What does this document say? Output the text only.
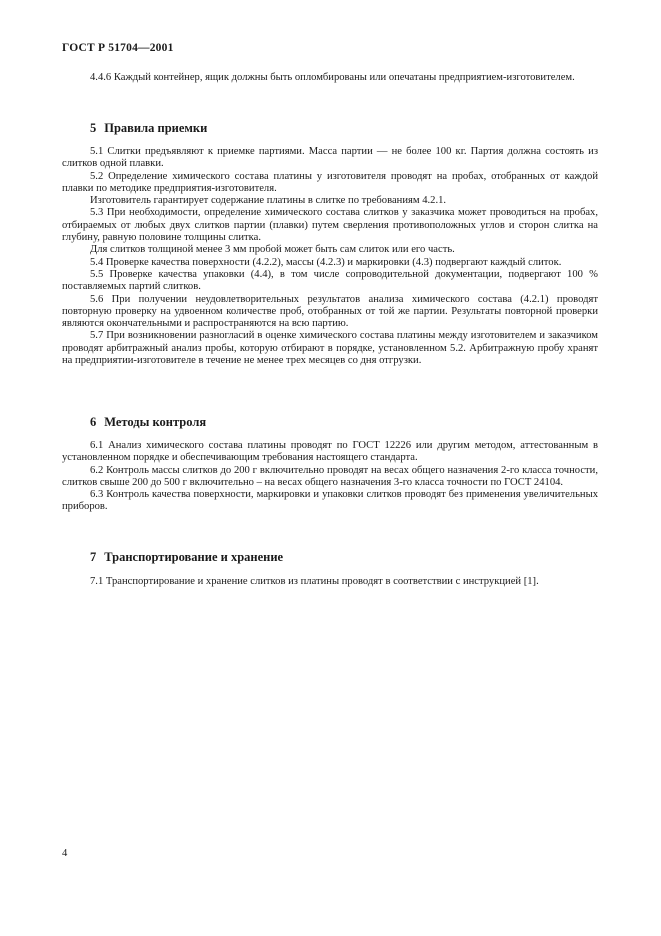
ГОСТ Р 51704—2001

4.4.6 Каждый контейнер, ящик должны быть опломбированы или опечатаны предприятием-изготовителем.

5 Правила приемки

5.1 Слитки предъявляют к приемке партиями. Масса партии — не более 100 кг. Партия должна состоять из слитков одной плавки.

5.2 Определение химического состава платины у изготовителя проводят на пробах, отобранных от каждой плавки по методике предприятия-изготовителя.

Изготовитель гарантирует содержание платины в слитке по требованиям 4.2.1.

5.3 При необходимости, определение химического состава слитков у заказчика может проводиться на пробах, отбираемых от любых двух слитков партии (плавки) путем сверления противоположных углов и сторон слитка на глубину, равную половине толщины слитка.

Для слитков толщиной менее 3 мм пробой может быть сам слиток или его часть.

5.4 Проверке качества поверхности (4.2.2), массы (4.2.3) и маркировки (4.3) подвергают каждый слиток.

5.5 Проверке качества упаковки (4.4), в том числе сопроводительной документации, подвергают 100 % поставляемых партий слитков.

5.6 При получении неудовлетворительных результатов анализа химического состава (4.2.1) проводят повторную проверку на удвоенном количестве проб, отобранных от той же партии. Результаты повторной проверки являются окончательными и распространяются на всю партию.

5.7 При возникновении разногласий в оценке химического состава платины между изготовителем и заказчиком проводят арбитражный анализ пробы, которую отбирают в порядке, установленном 5.2. Арбитражную пробу хранят на предприятии-изготовителе в течение не менее трех месяцев со дня отгрузки.

6 Методы контроля

6.1 Анализ химического состава платины проводят по ГОСТ 12226 или другим методом, аттестованным в установленном порядке и обеспечивающим требования настоящего стандарта.

6.2 Контроль массы слитков до 200 г включительно проводят на весах общего назначения 2-го класса точности, слитков свыше 200 до 500 г включительно – на весах общего назначения 3-го класса точности по ГОСТ 24104.

6.3 Контроль качества поверхности, маркировки и упаковки слитков проводят без применения увеличительных приборов.

7 Транспортирование и хранение

7.1 Транспортирование и хранение слитков из платины проводят в соответствии с инструкцией [1].

4
